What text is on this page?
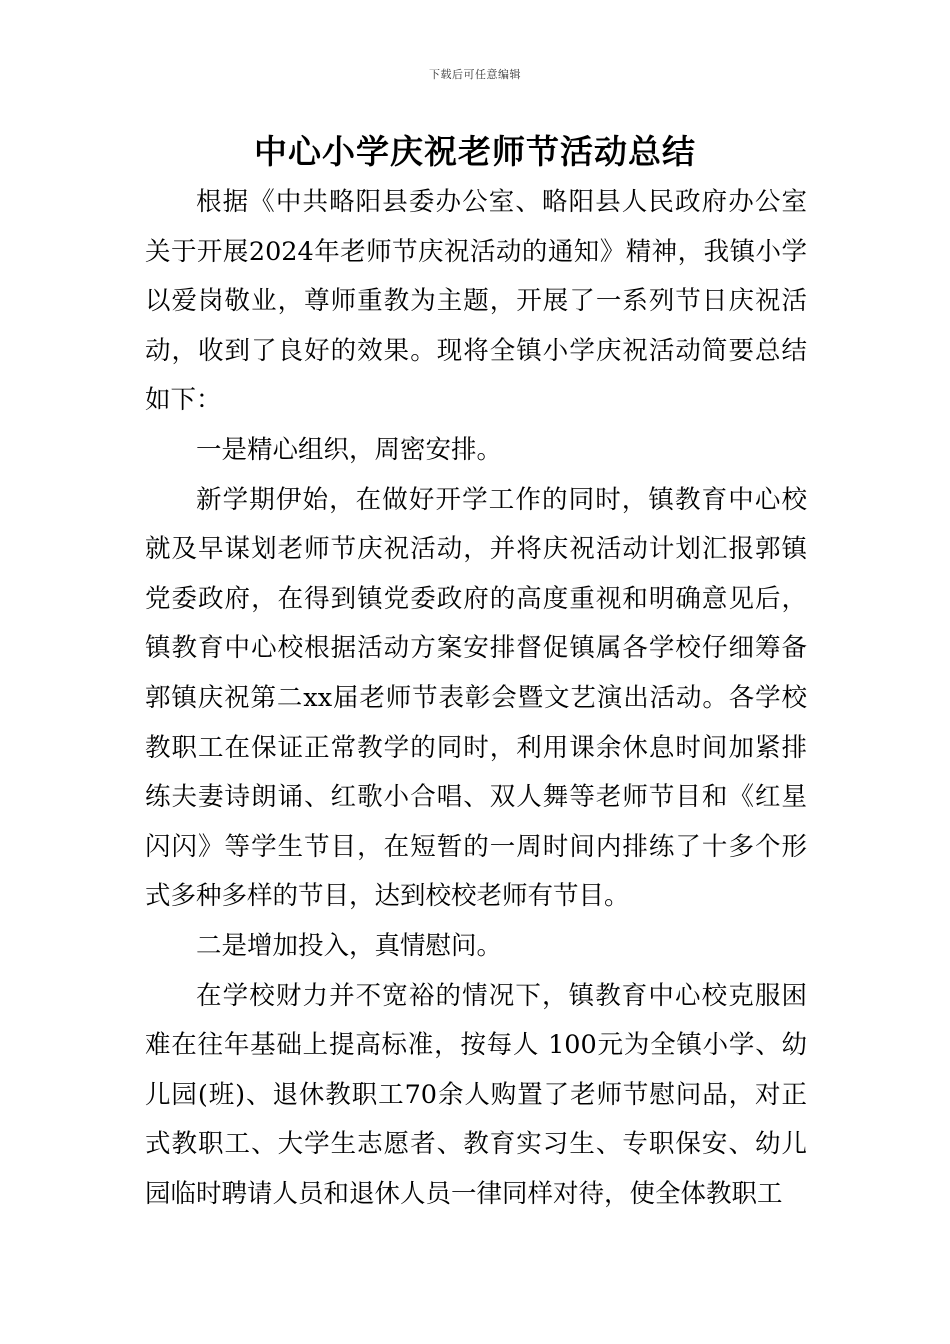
下载后可任意编辑
中心小学庆祝老师节活动总结

根据《中共略阳县委办公室、略阳县人民政府办公室关于开展2024年老师节庆祝活动的通知》精神，我镇小学以爱岗敬业，尊师重教为主题，开展了一系列节日庆祝活动，收到了良好的效果。现将全镇小学庆祝活动简要总结如下：

一是精心组织，周密安排。

新学期伊始，在做好开学工作的同时，镇教育中心校就及早谋划老师节庆祝活动，并将庆祝活动计划汇报郭镇党委政府，在得到镇党委政府的高度重视和明确意见后，镇教育中心校根据活动方案安排督促镇属各学校仔细筹备郭镇庆祝第二xx届老师节表彰会暨文艺演出活动。各学校教职工在保证正常教学的同时，利用课余休息时间加紧排练夫妻诗朗诵、红歌小合唱、双人舞等老师节目和《红星闪闪》等学生节目，在短暂的一周时间内排练了十多个形式多种多样的节目，达到校校老师有节目。

二是增加投入，真情慰问。

在学校财力并不宽裕的情况下，镇教育中心校克服困难在往年基础上提高标准，按每人 100元为全镇小学、幼儿园(班)、退休教职工70余人购置了老师节慰问品，对正式教职工、大学生志愿者、教育实习生、专职保安、幼儿园临时聘请人员和退休人员一律同样对待，使全体教职工
